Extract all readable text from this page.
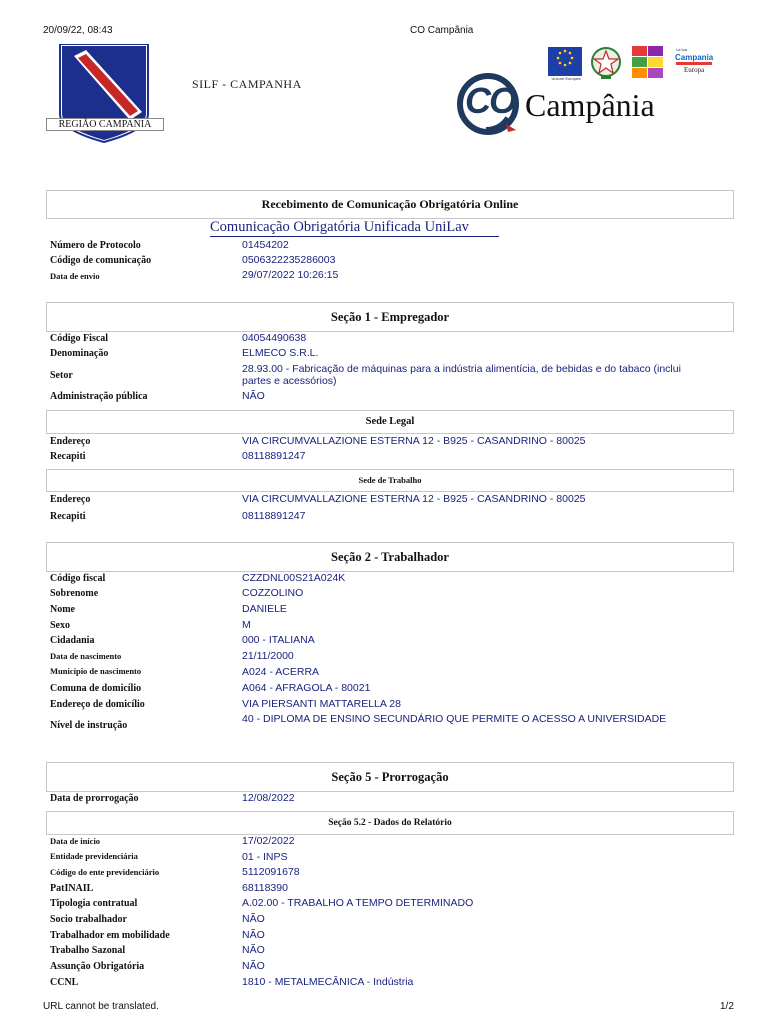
20/09/22, 08:43	CO Campânia
REGIÃO CAMPANIA
SILF - CAMPANHA	Unione Europea
La tua
Campania
Europa
CO Campânia
Recebimento de Comunicação Obrigatória Online
Comunicação Obrigatória Unificada UniLav
Número de Protocolo	01454202
Código de comunicação	0506322235286003
Data de envio	29/07/2022 10:26:15
Seção 1 - Empregador
Código Fiscal	04054490638
Denominação	ELMECO S.R.L.
Setor
28.93.00 - Fabricação de máquinas para a indústria alimentícia, de bebidas e do tabaco (inclui partes e acessórios)
Administração pública	NÃO
Sede Legal
Endereço	VIA CIRCUMVALLAZIONE ESTERNA 12 - B925 - CASANDRINO - 80025
Recapiti	08118891247
Sede de Trabalho
Endereço	VIA CIRCUMVALLAZIONE ESTERNA 12 - B925 - CASANDRINO - 80025
Recapiti	08118891247
Seção 2 - Trabalhador
Código fiscal	CZZDNL00S21A024K
Sobrenome	COZZOLINO
Nome	DANIELE
Sexo	M
Cidadania	000 - ITALIANA
Data de nascimento	21/11/2000
Município de nascimento	A024 - ACERRA
Comuna de domicílio	A064 - AFRAGOLA - 80021
Endereço de domicílio	VIA PIERSANTI MATTARELLA 28
Nível de instrução
40 - DIPLOMA DE ENSINO SECUNDÁRIO QUE PERMITE O ACESSO A UNIVERSIDADE
Seção 5 - Prorrogação
Data de prorrogação	12/08/2022
Seção 5.2 - Dados do Relatório
Data de início	17/02/2022
Entidade previdenciária	01 - INPS
Código do ente previdenciário	5112091678
PatINAIL	68118390
Tipologia contratual	A.02.00 - TRABALHO A TEMPO DETERMINADO
Socio trabalhador	NÃO
Trabalhador em mobilidade	NÃO
Trabalho Sazonal	NÃO
Assunção Obrigatória	NÃO
CCNL	1810 - METALMECÂNICA - Indústria
URL cannot be translated.	1/2
